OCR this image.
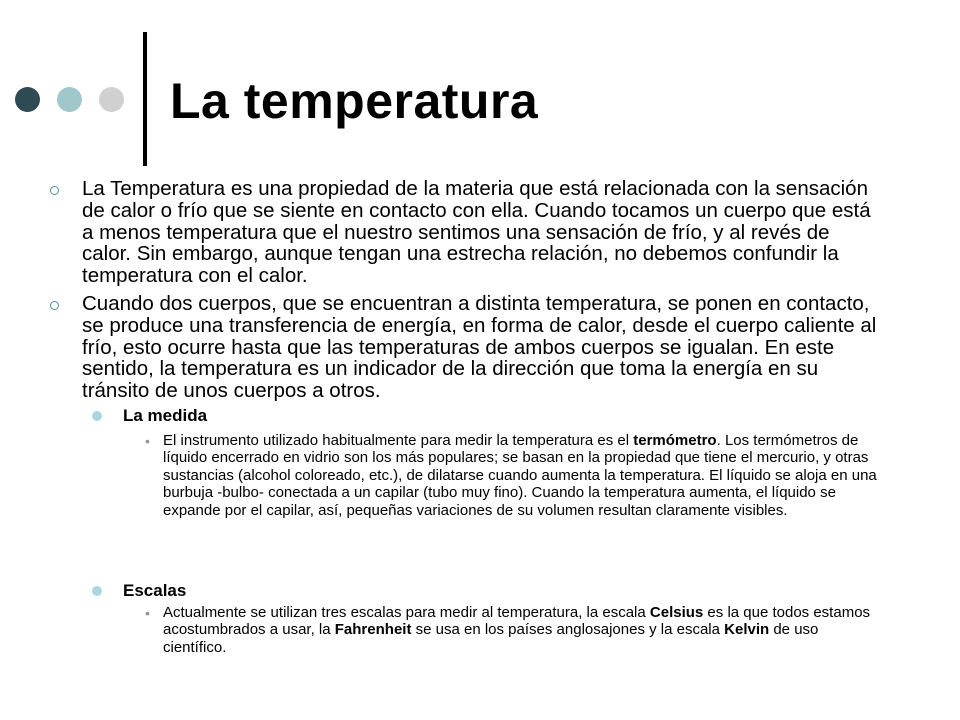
La temperatura
La Temperatura es una propiedad de la materia que está relacionada con la sensación de calor o frío que se siente en contacto con ella. Cuando tocamos un cuerpo que está a menos temperatura que el nuestro sentimos una sensación de frío, y al revés de calor. Sin embargo, aunque tengan una estrecha relación, no debemos confundir la temperatura con el calor.
Cuando dos cuerpos, que se encuentran a distinta temperatura, se ponen en contacto, se produce una transferencia de energía, en forma de calor, desde el cuerpo caliente al frío, esto ocurre hasta que las temperaturas de ambos cuerpos se igualan. En este sentido, la temperatura es un indicador de la dirección que toma la energía en su tránsito de unos cuerpos a otros.
La medida
• El instrumento utilizado habitualmente para medir la temperatura es el termómetro. Los termómetros de líquido encerrado en vidrio son los más populares; se basan en la propiedad que tiene el mercurio, y otras sustancias (alcohol coloreado, etc.), de dilatarse cuando aumenta la temperatura. El líquido se aloja en una burbuja -bulbo- conectada a un capilar (tubo muy fino). Cuando la temperatura aumenta, el líquido se expande por el capilar, así, pequeñas variaciones de su volumen resultan claramente visibles.
Escalas
• Actualmente se utilizan tres escalas para medir al temperatura, la escala Celsius es la que todos estamos acostumbrados a usar, la Fahrenheit se usa en los países anglosajones y la escala Kelvin de uso científico.
